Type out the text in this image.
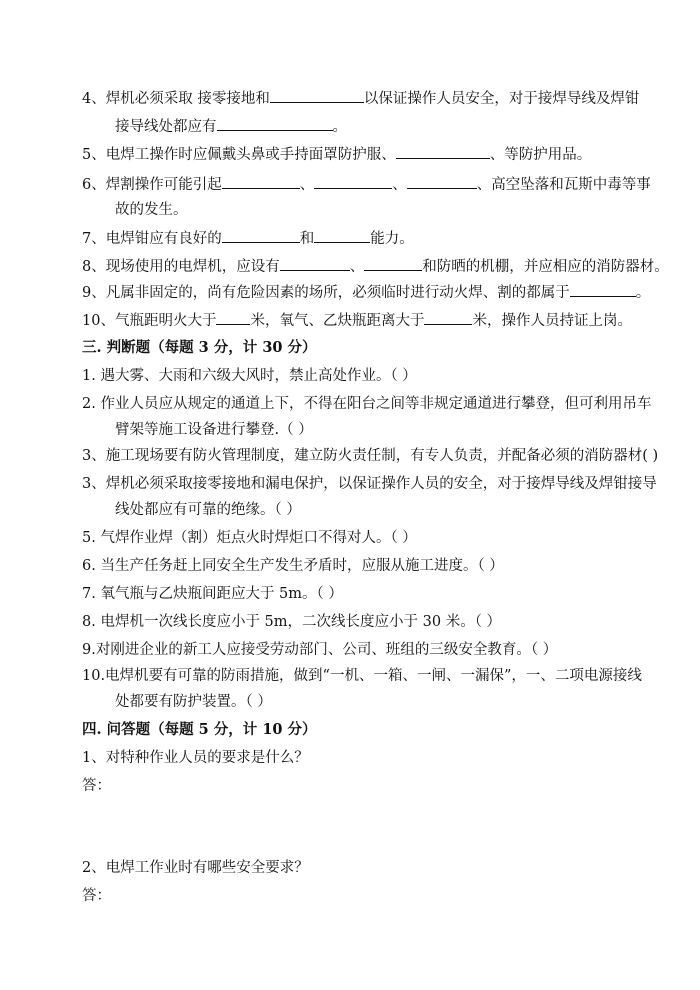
4、焊机必须采取 接零接地和	以保证操作人员安全，对于接焊导线及焊钳
接导线处都应有	。
5、电焊工操作时应佩戴头鼻或手持面罩防护服、	、等防护用品。
6、焊割操作可能引起	、	、	、高空坠落和瓦斯中毒等事
故的发生。
7、电焊钳应有良好的	和	能力。
8、现场使用的电焊机，应设有	、	和防晒的机棚，并应相应的消防器材。
9、凡属非固定的，尚有危险因素的场所，必须临时进行动火焊、割的都属于	。
10、气瓶距明火大于 米，氧气、乙炔瓶距离大于	米，操作人员持证上岗。
三. 判断题（每题 3 分，计 30 分）
1. 遇大雾、大雨和六级大风时，禁止高处作业。（ ）
2. 作业人员应从规定的通道上下，不得在阳台之间等非规定通道进行攀登，但可利用吊车
臂架等施工设备进行攀登.（ ）
3、施工现场要有防火管理制度，建立防火责任制，有专人负责，并配备必须的消防器材( )
3、焊机必须采取接零接地和漏电保护，以保证操作人员的安全，对于接焊导线及焊钳接导
线处都应有可靠的绝缘。（ ）
5. 气焊作业焊（割）炬点火时焊炬口不得对人。（ ）
6. 当生产任务赶上同安全生产发生矛盾时，应服从施工进度。（ ）
7. 氧气瓶与乙炔瓶间距应大于 5m。（ ）
8. 电焊机一次线长度应小于 5m，二次线长度应小于 30 米。（ ）
9.对刚进企业的新工人应接受劳动部门、公司、班组的三级安全教育。（ ）
10.电焊机要有可靠的防雨措施，做到“一机、一箱、一闸、一漏保”，一、二项电源接线
处都要有防护装置。（ ）
四. 问答题（每题 5 分，计 10 分）
1、对特种作业人员的要求是什么？
答：
2、电焊工作业时有哪些安全要求？
答：
